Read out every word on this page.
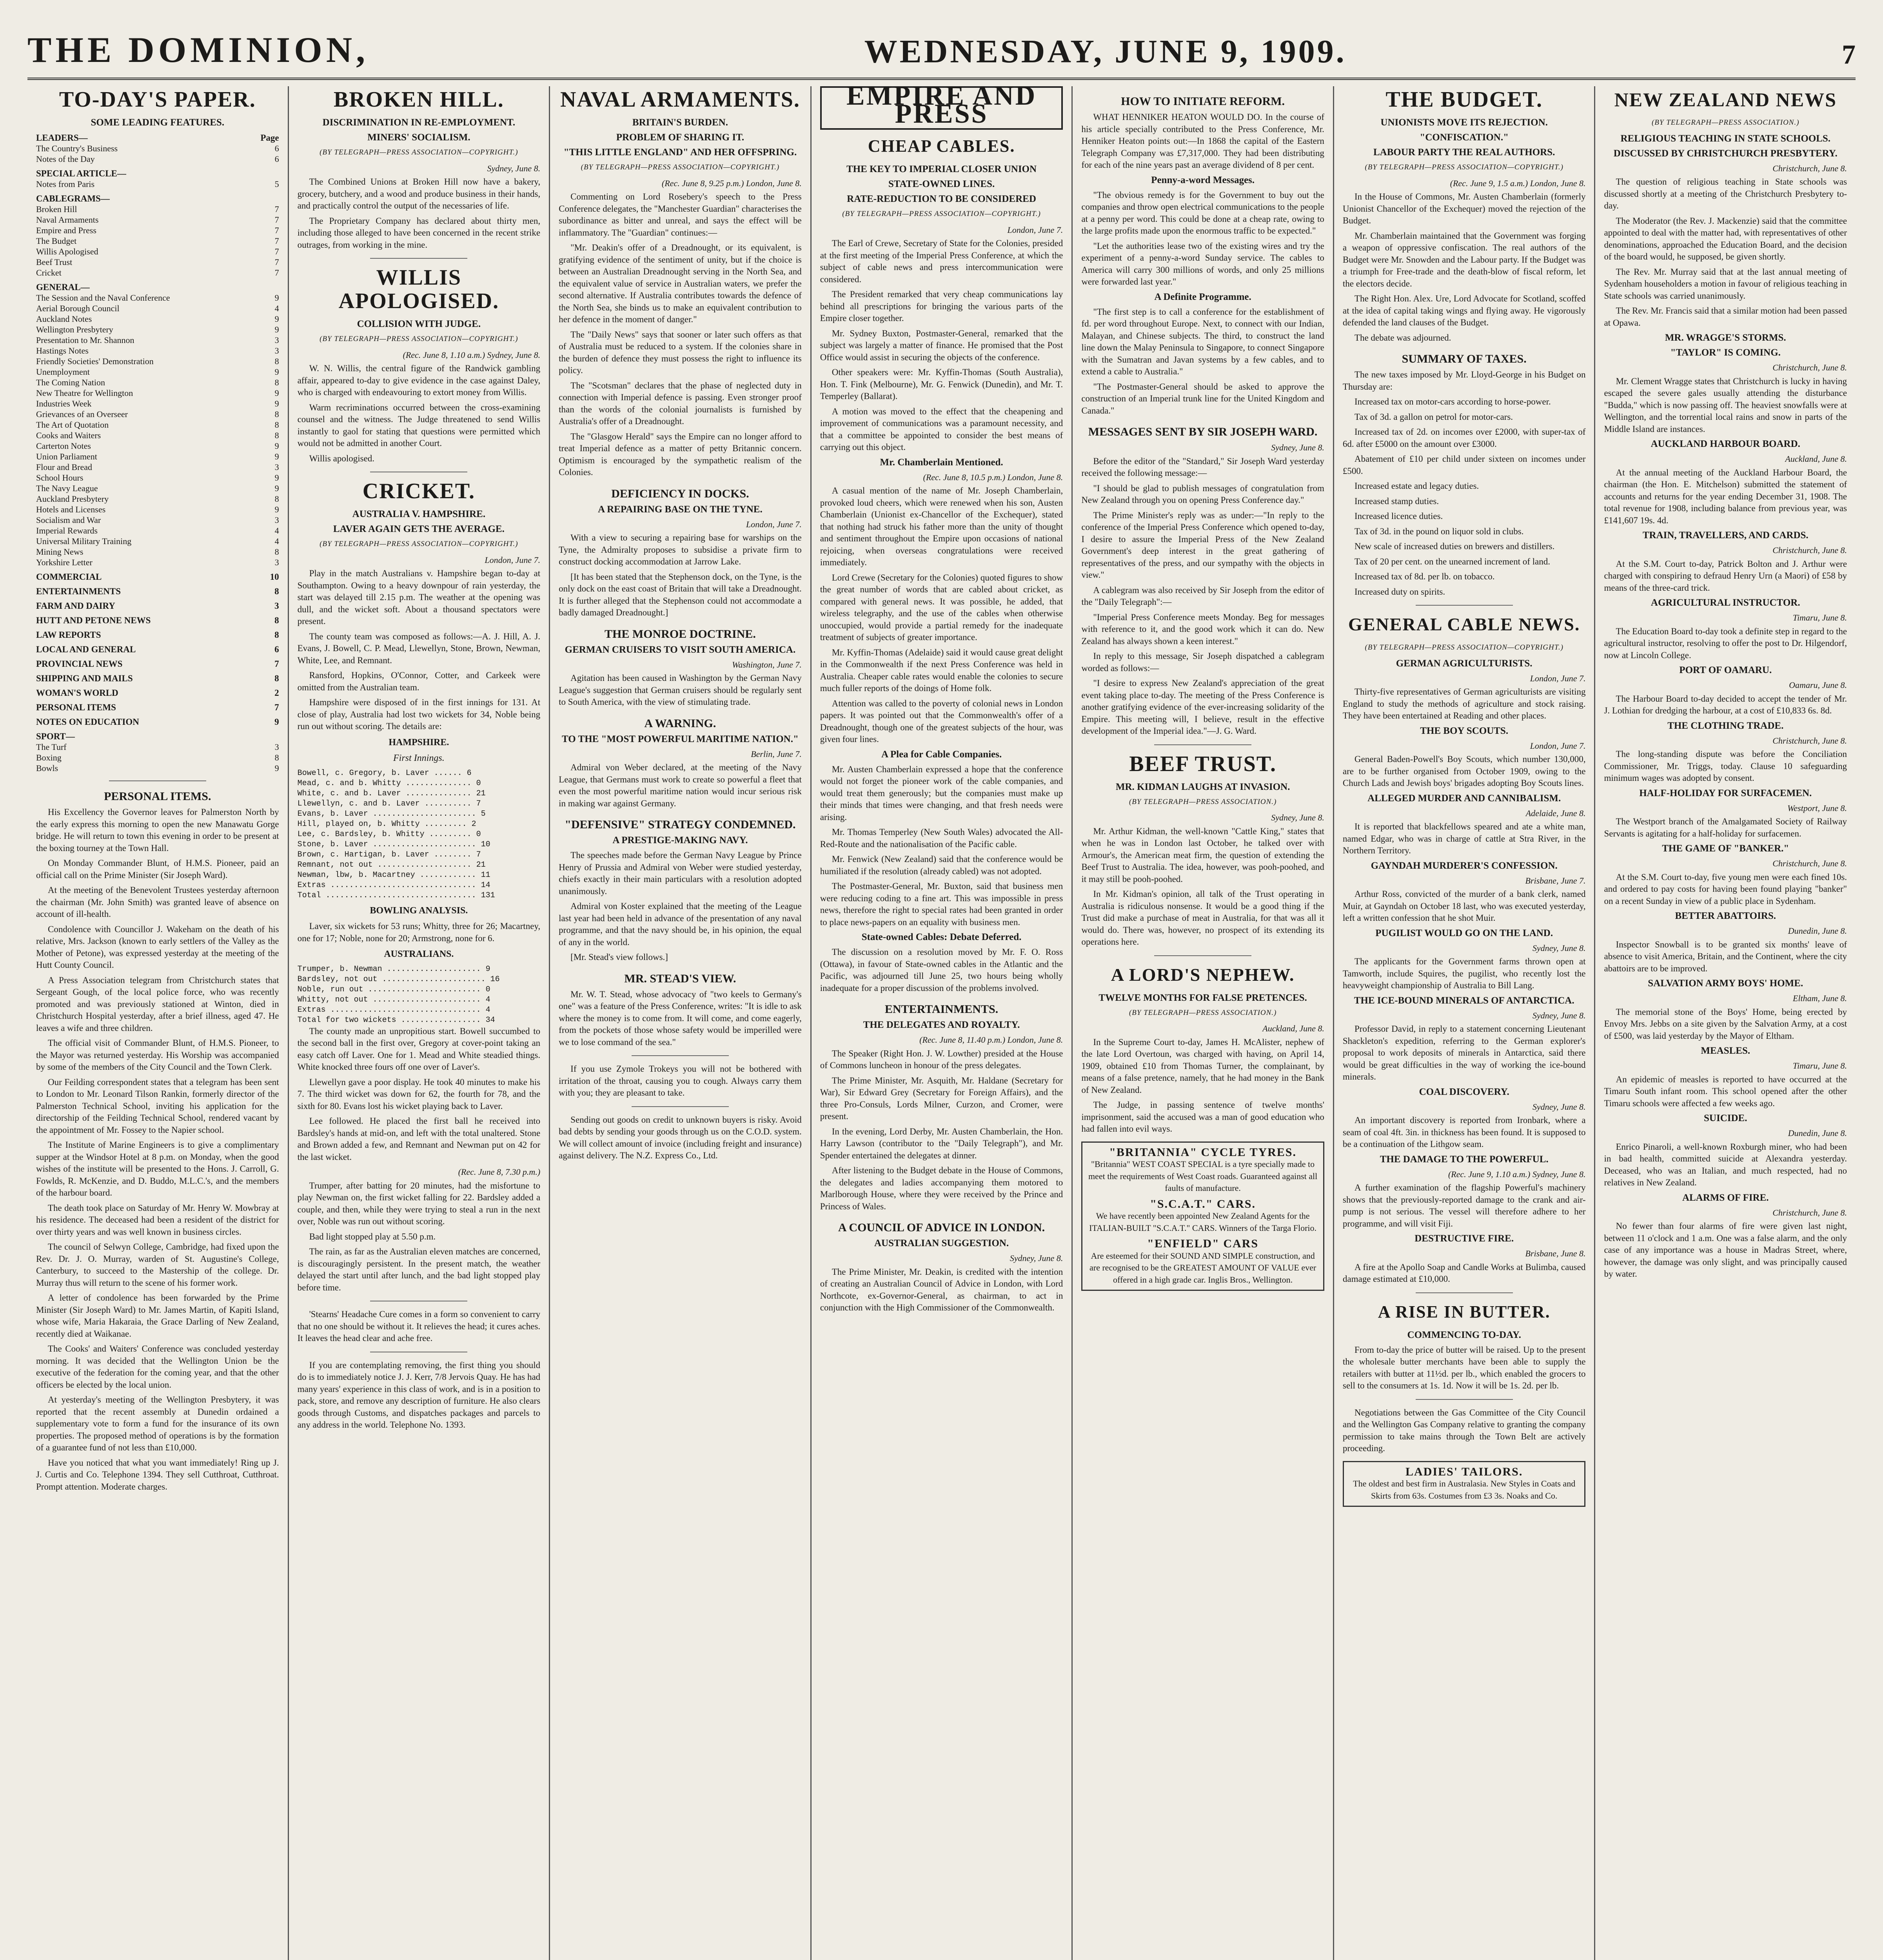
THE DOMINION,	WEDNESDAY, JUNE 9, 1909.	7
TO-DAY'S PAPER.
SOME LEADING FEATURES.
LEADERS—	Page
The Country's Business	6
Notes of the Day	6
SPECIAL ARTICLE—
Notes from Paris	5
CABLEGRAMS—
Broken Hill	7
Naval Armaments	7
Empire and Press	7
The Budget	7
Willis Apologised	7
Beef Trust	7
Cricket	7
GENERAL—
The Session and the Naval Conference	9
Aerial Borough Council	4
Auckland Notes	9
Wellington Presbytery	9
Presentation to Mr. Shannon	3
Hastings Notes	3
Friendly Societies' Demonstration	8
Unemployment	9
The Coming Nation	8
New Theatre for Wellington	9
Industries Week	9
Grievances of an Overseer	8
The Art of Quotation	8
Cooks and Waiters	8
Carterton Notes	9
Union Parliament	9
Flour and Bread	3
School Hours	9
The Navy League	9
Auckland Presbytery	8
Hotels and Licenses	9
Socialism and War	3
Imperial Rewards	4
Universal Military Training	4
Mining News	8
Yorkshire Letter	3
COMMERCIAL	10
ENTERTAINMENTS	8
FARM AND DAIRY	3
HUTT AND PETONE NEWS	8
LAW REPORTS	8
LOCAL AND GENERAL	6
PROVINCIAL NEWS	7
SHIPPING AND MAILS	8
WOMAN'S WORLD	2
PERSONAL ITEMS	7
NOTES ON EDUCATION	9
SPORT—
The Turf	3
Boxing	8
Bowls	9
PERSONAL ITEMS.

His Excellency the Governor leaves for Palmerston North by the early express this morning to open the new Manawatu Gorge bridge. He will return to town this evening in order to be present at the boxing tourney at the Town Hall.

On Monday Commander Blunt, of H.M.S. Pioneer, paid an official call on the Prime Minister (Sir Joseph Ward).

At the meeting of the Benevolent Trustees yesterday afternoon the chairman (Mr. John Smith) was granted leave of absence on account of ill-health.

Condolence with Councillor J. Wakeham on the death of his relative, Mrs. Jackson (known to early settlers of the Valley as the Mother of Petone), was expressed yesterday at the meeting of the Hutt County Council.

A Press Association telegram from Christchurch states that Sergeant Gough, of the local police force, who was recently promoted and was previously stationed at Winton, died in Christchurch Hospital yesterday, after a brief illness, aged 47. He leaves a wife and three children.

The official visit of Commander Blunt, of H.M.S. Pioneer, to the Mayor was returned yesterday. His Worship was accompanied by some of the members of the City Council and the Town Clerk.

Our Feilding correspondent states that a telegram has been sent to London to Mr. Leonard Tilson Rankin, formerly director of the Palmerston Technical School, inviting his application for the directorship of the Feilding Technical School, rendered vacant by the appointment of Mr. Fossey to the Napier school.

The Institute of Marine Engineers is to give a complimentary supper at the Windsor Hotel at 8 p.m. on Monday, when the good wishes of the institute will be presented to the Hons. J. Carroll, G. Fowlds, R. McKenzie, and D. Buddo, M.L.C.'s, and the members of the harbour board.

The death took place on Saturday of Mr. Henry W. Mowbray at his residence. The deceased had been a resident of the district for over thirty years and was well known in business circles.

The council of Selwyn College, Cambridge, had fixed upon the Rev. Dr. J. O. Murray, warden of St. Augustine's College, Canterbury, to succeed to the Mastership of the college. Dr. Murray thus will return to the scene of his former work.

A letter of condolence has been forwarded by the Prime Minister (Sir Joseph Ward) to Mr. James Martin, of Kapiti Island, whose wife, Maria Hakaraia, the Grace Darling of New Zealand, recently died at Waikanae.

The Cooks' and Waiters' Conference was concluded yesterday morning. It was decided that the Wellington Union be the executive of the federation for the coming year, and that the other officers be elected by the local union.

At yesterday's meeting of the Wellington Presbytery, it was reported that the recent assembly at Dunedin ordained a supplementary vote to form a fund for the insurance of its own properties. The proposed method of operations is by the formation of a guarantee fund of not less than £10,000.

Have you noticed that what you want immediately! Ring up J. J. Curtis and Co. Telephone 1394. They sell Cutthroat, Cutthroat. Prompt attention. Moderate charges.

BROKEN HILL.
DISCRIMINATION IN RE-EMPLOYMENT.
MINERS' SOCIALISM.
(BY TELEGRAPH—PRESS ASSOCIATION—COPYRIGHT.)
Sydney, June 8.

The Combined Unions at Broken Hill now have a bakery, grocery, butchery, and a wood and produce business in their hands, and practically control the output of the necessaries of life.

The Proprietary Company has declared about thirty men, including those alleged to have been concerned in the recent strike outrages, from working in the mine.

WILLIS APOLOGISED.
COLLISION WITH JUDGE.
(BY TELEGRAPH—PRESS ASSOCIATION—COPYRIGHT.)
(Rec. June 8, 1.10 a.m.) Sydney, June 8.

W. N. Willis, the central figure of the Randwick gambling affair, appeared to-day to give evidence in the case against Daley, who is charged with endeavouring to extort money from Willis.

Warm recriminations occurred between the cross-examining counsel and the witness. The Judge threatened to send Willis instantly to gaol for stating that questions were permitted which would not be admitted in another Court.

Willis apologised.

CRICKET.
AUSTRALIA V. HAMPSHIRE.
LAVER AGAIN GETS THE AVERAGE.
(BY TELEGRAPH—PRESS ASSOCIATION—COPYRIGHT.)
London, June 7.

Play in the match Australians v. Hampshire began to-day at Southampton. Owing to a heavy downpour of rain yesterday, the start was delayed till 2.15 p.m. The weather at the opening was dull, and the wicket soft. About a thousand spectators were present.

The county team was composed as follows:—A. J. Hill, A. J. Evans, J. Bowell, C. P. Mead, Llewellyn, Stone, Brown, Newman, White, Lee, and Remnant.

Ransford, Hopkins, O'Connor, Cotter, and Carkeek were omitted from the Australian team.

Hampshire were disposed of in the first innings for 131. At close of play, Australia had lost two wickets for 34, Noble being run out without scoring. The details are:

HAMPSHIRE.
First Innings.
Bowell, c. Gregory, b. Laver ...... 6
Mead, c. and b. Whitty .............. 0
White, c. and b. Laver .............. 21
Llewellyn, c. and b. Laver .......... 7
Evans, b. Laver ...................... 5
Hill, played on, b. Whitty ......... 2
Lee, c. Bardsley, b. Whitty ......... 0
Stone, b. Laver ...................... 10
Brown, c. Hartigan, b. Laver ........ 7
Remnant, not out .................... 21
Newman, lbw, b. Macartney ............ 11
Extras ............................... 14
Total ................................ 131
BOWLING ANALYSIS.

Laver, six wickets for 53 runs; Whitty, three for 26; Macartney, one for 17; Noble, none for 20; Armstrong, none for 6.

AUSTRALIANS.
Trumper, b. Newman .................... 9
Bardsley, not out ...................... 16
Noble, run out ........................ 0
Whitty, not out ....................... 4
Extras ................................ 4
Total for two wickets ................. 34

The county made an unpropitious start. Bowell succumbed to the second ball in the first over, Gregory at cover-point taking an easy catch off Laver. One for 1. Mead and White steadied things. White knocked three fours off one over of Laver's.

Llewellyn gave a poor display. He took 40 minutes to make his 7. The third wicket was down for 62, the fourth for 78, and the sixth for 80. Evans lost his wicket playing back to Laver.

Lee followed. He placed the first ball he received into Bardsley's hands at mid-on, and left with the total unaltered. Stone and Brown added a few, and Remnant and Newman put on 42 for the last wicket.

(Rec. June 8, 7.30 p.m.)

Trumper, after batting for 20 minutes, had the misfortune to play Newman on, the first wicket falling for 22. Bardsley added a couple, and then, while they were trying to steal a run in the next over, Noble was run out without scoring.

Bad light stopped play at 5.50 p.m.

The rain, as far as the Australian eleven matches are concerned, is discouragingly persistent. In the present match, the weather delayed the start until after lunch, and the bad light stopped play before time.

'Stearns' Headache Cure comes in a form so convenient to carry that no one should be without it. It relieves the head; it cures aches. It leaves the head clear and ache free.

If you are contemplating removing, the first thing you should do is to immediately notice J. J. Kerr, 7/8 Jervois Quay. He has had many years' experience in this class of work, and is in a position to pack, store, and remove any description of furniture. He also clears goods through Customs, and dispatches packages and parcels to any address in the world. Telephone No. 1393.

NAVAL ARMAMENTS.
BRITAIN'S BURDEN.
PROBLEM OF SHARING IT.
"THIS LITTLE ENGLAND" AND HER OFFSPRING.
(BY TELEGRAPH—PRESS ASSOCIATION—COPYRIGHT.)
(Rec. June 8, 9.25 p.m.) London, June 8.

Commenting on Lord Rosebery's speech to the Press Conference delegates, the "Manchester Guardian" characterises the subordinance as bitter and unreal, and says the effect will be inflammatory. The "Guardian" continues:—

"Mr. Deakin's offer of a Dreadnought, or its equivalent, is gratifying evidence of the sentiment of unity, but if the choice is between an Australian Dreadnought serving in the North Sea, and the equivalent value of service in Australian waters, we prefer the second alternative. If Australia contributes towards the defence of the North Sea, she binds us to make an equivalent contribution to her defence in the moment of danger."

The "Daily News" says that sooner or later such offers as that of Australia must be reduced to a system. If the colonies share in the burden of defence they must possess the right to influence its policy.

The "Scotsman" declares that the phase of neglected duty in connection with Imperial defence is passing. Even stronger proof than the words of the colonial journalists is furnished by Australia's offer of a Dreadnought.

The "Glasgow Herald" says the Empire can no longer afford to treat Imperial defence as a matter of petty Britannic concern. Optimism is encouraged by the sympathetic realism of the Colonies.

DEFICIENCY IN DOCKS.
A REPAIRING BASE ON THE TYNE.
London, June 7.

With a view to securing a repairing base for warships on the Tyne, the Admiralty proposes to subsidise a private firm to construct docking accommodation at Jarrow Lake.

[It has been stated that the Stephenson dock, on the Tyne, is the only dock on the east coast of Britain that will take a Dreadnought. It is further alleged that the Stephenson could not accommodate a badly damaged Dreadnought.]

THE MONROE DOCTRINE.
GERMAN CRUISERS TO VISIT SOUTH AMERICA.
Washington, June 7.

Agitation has been caused in Washington by the German Navy League's suggestion that German cruisers should be regularly sent to South America, with the view of stimulating trade.

A WARNING.
TO THE "MOST POWERFUL MARITIME NATION."
Berlin, June 7.

Admiral von Weber declared, at the meeting of the Navy League, that Germans must work to create so powerful a fleet that even the most powerful maritime nation would incur serious risk in making war against Germany.

"DEFENSIVE" STRATEGY CONDEMNED.
A PRESTIGE-MAKING NAVY.

The speeches made before the German Navy League by Prince Henry of Prussia and Admiral von Weber were studied yesterday, chiefs exactly in their main particulars with a resolution adopted unanimously.

Admiral von Koster explained that the meeting of the League last year had been held in advance of the presentation of any naval programme, and that the navy should be, in his opinion, the equal of any in the world.

[Mr. Stead's view follows.]

MR. STEAD'S VIEW.

Mr. W. T. Stead, whose advocacy of "two keels to Germany's one" was a feature of the Press Conference, writes: "It is idle to ask where the money is to come from. It will come, and come eagerly, from the pockets of those whose safety would be imperilled were we to lose command of the sea."

If you use Zymole Trokeys you will not be bothered with irritation of the throat, causing you to cough. Always carry them with you; they are pleasant to take.

Sending out goods on credit to unknown buyers is risky. Avoid bad debts by sending your goods through us on the C.O.D. system. We will collect amount of invoice (including freight and insurance) against delivery. The N.Z. Express Co., Ltd.

EMPIRE AND PRESS
CHEAP CABLES.
THE KEY TO IMPERIAL CLOSER UNION
STATE-OWNED LINES.
RATE-REDUCTION TO BE CONSIDERED
(BY TELEGRAPH—PRESS ASSOCIATION—COPYRIGHT.)
London, June 7.

The Earl of Crewe, Secretary of State for the Colonies, presided at the first meeting of the Imperial Press Conference, at which the subject of cable news and press intercommunication were considered.

The President remarked that very cheap communications lay behind all prescriptions for bringing the various parts of the Empire closer together.

Mr. Sydney Buxton, Postmaster-General, remarked that the subject was largely a matter of finance. He promised that the Post Office would assist in securing the objects of the conference.

Other speakers were: Mr. Kyffin-Thomas (South Australia), Hon. T. Fink (Melbourne), Mr. G. Fenwick (Dunedin), and Mr. T. Temperley (Ballarat).

A motion was moved to the effect that the cheapening and improvement of communications was a paramount necessity, and that a committee be appointed to consider the best means of carrying out this object.

Mr. Chamberlain Mentioned.
(Rec. June 8, 10.5 p.m.) London, June 8.

A casual mention of the name of Mr. Joseph Chamberlain, provoked loud cheers, which were renewed when his son, Austen Chamberlain (Unionist ex-Chancellor of the Exchequer), stated that nothing had struck his father more than the unity of thought and sentiment throughout the Empire upon occasions of national rejoicing, when overseas congratulations were received immediately.

Lord Crewe (Secretary for the Colonies) quoted figures to show the great number of words that are cabled about cricket, as compared with general news. It was possible, he added, that wireless telegraphy, and the use of the cables when otherwise unoccupied, would provide a partial remedy for the inadequate treatment of subjects of greater importance.

Mr. Kyffin-Thomas (Adelaide) said it would cause great delight in the Commonwealth if the next Press Conference was held in Australia. Cheaper cable rates would enable the colonies to secure much fuller reports of the doings of Home folk.

Attention was called to the poverty of colonial news in London papers. It was pointed out that the Commonwealth's offer of a Dreadnought, though one of the greatest subjects of the hour, was given four lines.

A Plea for Cable Companies.

Mr. Austen Chamberlain expressed a hope that the conference would not forget the pioneer work of the cable companies, and would treat them generously; but the companies must make up their minds that times were changing, and that fresh needs were arising.

Mr. Thomas Temperley (New South Wales) advocated the All-Red-Route and the nationalisation of the Pacific cable.

Mr. Fenwick (New Zealand) said that the conference would be humiliated if the resolution (already cabled) was not adopted.

The Postmaster-General, Mr. Buxton, said that business men were reducing coding to a fine art. This was impossible in press news, therefore the right to special rates had been granted in order to place news-papers on an equality with business men.

State-owned Cables: Debate Deferred.

The discussion on a resolution moved by Mr. F. O. Ross (Ottawa), in favour of State-owned cables in the Atlantic and the Pacific, was adjourned till June 25, two hours being wholly inadequate for a proper discussion of the problems involved.

ENTERTAINMENTS.
THE DELEGATES AND ROYALTY.
(Rec. June 8, 11.40 p.m.) London, June 8.

The Speaker (Right Hon. J. W. Lowther) presided at the House of Commons luncheon in honour of the press delegates.

The Prime Minister, Mr. Asquith, Mr. Haldane (Secretary for War), Sir Edward Grey (Secretary for Foreign Affairs), and the three Pro-Consuls, Lords Milner, Curzon, and Cromer, were present.

In the evening, Lord Derby, Mr. Austen Chamberlain, the Hon. Harry Lawson (contributor to the "Daily Telegraph"), and Mr. Spender entertained the delegates at dinner.

After listening to the Budget debate in the House of Commons, the delegates and ladies accompanying them motored to Marlborough House, where they were received by the Prince and Princess of Wales.

A COUNCIL OF ADVICE IN LONDON.
AUSTRALIAN SUGGESTION.
Sydney, June 8.

The Prime Minister, Mr. Deakin, is credited with the intention of creating an Australian Council of Advice in London, with Lord Northcote, ex-Governor-General, as chairman, to act in conjunction with the High Commissioner of the Commonwealth.

HOW TO INITIATE REFORM.

WHAT HENNIKER HEATON WOULD DO. In the course of his article specially contributed to the Press Conference, Mr. Henniker Heaton points out:—In 1868 the capital of the Eastern Telegraph Company was £7,317,000. They had been distributing for each of the nine years past an average dividend of 8 per cent.

Penny-a-word Messages.

"The obvious remedy is for the Government to buy out the companies and throw open electrical communications to the people at a penny per word. This could be done at a cheap rate, owing to the large profits made upon the enormous traffic to be expected."

"Let the authorities lease two of the existing wires and try the experiment of a penny-a-word Sunday service. The cables to America will carry 300 millions of words, and only 25 millions were forwarded last year."

A Definite Programme.

"The first step is to call a conference for the establishment of fd. per word throughout Europe. Next, to connect with our Indian, Malayan, and Chinese subjects. The third, to construct the land line down the Malay Peninsula to Singapore, to connect Singapore with the Sumatran and Javan systems by a few cables, and to extend a cable to Australia."

"The Postmaster-General should be asked to approve the construction of an Imperial trunk line for the United Kingdom and Canada."

MESSAGES SENT BY SIR JOSEPH WARD.
Sydney, June 8.

Before the editor of the "Standard," Sir Joseph Ward yesterday received the following message:—

"I should be glad to publish messages of congratulation from New Zealand through you on opening Press Conference day."

The Prime Minister's reply was as under:—"In reply to the conference of the Imperial Press Conference which opened to-day, I desire to assure the Imperial Press of the New Zealand Government's deep interest in the great gathering of representatives of the press, and our sympathy with the objects in view."

A cablegram was also received by Sir Joseph from the editor of the "Daily Telegraph":—

"Imperial Press Conference meets Monday. Beg for messages with reference to it, and the good work which it can do. New Zealand has always shown a keen interest."

In reply to this message, Sir Joseph dispatched a cablegram worded as follows:—

"I desire to express New Zealand's appreciation of the great event taking place to-day. The meeting of the Press Conference is another gratifying evidence of the ever-increasing solidarity of the Empire. This meeting will, I believe, result in the effective development of the Imperial idea."—J. G. Ward.

BEEF TRUST.
MR. KIDMAN LAUGHS AT INVASION.
(BY TELEGRAPH—PRESS ASSOCIATION.)
Sydney, June 8.

Mr. Arthur Kidman, the well-known "Cattle King," states that when he was in London last October, he talked over with Armour's, the American meat firm, the question of extending the Beef Trust to Australia. The idea, however, was pooh-poohed, and it may still be pooh-poohed.

In Mr. Kidman's opinion, all talk of the Trust operating in Australia is ridiculous nonsense. It would be a good thing if the Trust did make a purchase of meat in Australia, for that was all it would do. There was, however, no prospect of its extending its operations here.

A LORD'S NEPHEW.
TWELVE MONTHS FOR FALSE PRETENCES.
(BY TELEGRAPH—PRESS ASSOCIATION.)
Auckland, June 8.

In the Supreme Court to-day, James H. McAlister, nephew of the late Lord Overtoun, was charged with having, on April 14, 1909, obtained £10 from Thomas Turner, the complainant, by means of a false pretence, namely, that he had money in the Bank of New Zealand.

The Judge, in passing sentence of twelve months' imprisonment, said the accused was a man of good education who had fallen into evil ways.

"BRITANNIA" CYCLE TYRES.
"Britannia" WEST COAST SPECIAL is a tyre specially made to meet the requirements of West Coast roads. Guaranteed against all faults of manufacture.
"S.C.A.T." CARS.
We have recently been appointed New Zealand Agents for the ITALIAN-BUILT "S.C.A.T." CARS. Winners of the Targa Florio.
"ENFIELD" CARS
Are esteemed for their SOUND AND SIMPLE construction, and are recognised to be the GREATEST AMOUNT OF VALUE ever offered in a high grade car. Inglis Bros., Wellington.
THE BUDGET.
UNIONISTS MOVE ITS REJECTION.
"CONFISCATION."
LABOUR PARTY THE REAL AUTHORS.
(BY TELEGRAPH—PRESS ASSOCIATION—COPYRIGHT.)
(Rec. June 9, 1.5 a.m.) London, June 8.

In the House of Commons, Mr. Austen Chamberlain (formerly Unionist Chancellor of the Exchequer) moved the rejection of the Budget.

Mr. Chamberlain maintained that the Government was forging a weapon of oppressive confiscation. The real authors of the Budget were Mr. Snowden and the Labour party. If the Budget was a triumph for Free-trade and the death-blow of fiscal reform, let the electors decide.

The Right Hon. Alex. Ure, Lord Advocate for Scotland, scoffed at the idea of capital taking wings and flying away. He vigorously defended the land clauses of the Budget.

The debate was adjourned.

SUMMARY OF TAXES.

The new taxes imposed by Mr. Lloyd-George in his Budget on Thursday are:

Increased tax on motor-cars according to horse-power.

Tax of 3d. a gallon on petrol for motor-cars.

Increased tax of 2d. on incomes over £2000, with super-tax of 6d. after £5000 on the amount over £3000.

Abatement of £10 per child under sixteen on incomes under £500.

Increased estate and legacy duties.

Increased stamp duties.

Increased licence duties.

Tax of 3d. in the pound on liquor sold in clubs.

New scale of increased duties on brewers and distillers.

Tax of 20 per cent. on the unearned increment of land.

Increased tax of 8d. per lb. on tobacco.

Increased duty on spirits.

GENERAL CABLE NEWS.
(BY TELEGRAPH—PRESS ASSOCIATION—COPYRIGHT.)
GERMAN AGRICULTURISTS.
London, June 7.

Thirty-five representatives of German agriculturists are visiting England to study the methods of agriculture and stock raising. They have been entertained at Reading and other places.

THE BOY SCOUTS.
London, June 7.

General Baden-Powell's Boy Scouts, which number 130,000, are to be further organised from October 1909, owing to the Church Lads and Jewish boys' brigades adopting Boy Scouts lines.

ALLEGED MURDER AND CANNIBALISM.
Adelaide, June 8.

It is reported that blackfellows speared and ate a white man, named Edgar, who was in charge of cattle at Stra River, in the Northern Territory.

GAYNDAH MURDERER'S CONFESSION.
Brisbane, June 7.

Arthur Ross, convicted of the murder of a bank clerk, named Muir, at Gayndah on October 18 last, who was executed yesterday, left a written confession that he shot Muir.

PUGILIST WOULD GO ON THE LAND.
Sydney, June 8.

The applicants for the Government farms thrown open at Tamworth, include Squires, the pugilist, who recently lost the heavyweight championship of Australia to Bill Lang.

THE ICE-BOUND MINERALS OF ANTARCTICA.
Sydney, June 8.

Professor David, in reply to a statement concerning Lieutenant Shackleton's expedition, referring to the German explorer's proposal to work deposits of minerals in Antarctica, said there would be great difficulties in the way of working the ice-bound minerals.

COAL DISCOVERY.
Sydney, June 8.

An important discovery is reported from Ironbark, where a seam of coal 4ft. 3in. in thickness has been found. It is supposed to be a continuation of the Lithgow seam.

THE DAMAGE TO THE POWERFUL.
(Rec. June 9, 1.10 a.m.) Sydney, June 8.

A further examination of the flagship Powerful's machinery shows that the previously-reported damage to the crank and air-pump is not serious. The vessel will therefore adhere to her programme, and will visit Fiji.

DESTRUCTIVE FIRE.
Brisbane, June 8.

A fire at the Apollo Soap and Candle Works at Bulimba, caused damage estimated at £10,000.

A RISE IN BUTTER.
COMMENCING TO-DAY.

From to-day the price of butter will be raised. Up to the present the wholesale butter merchants have been able to supply the retailers with butter at 11½d. per lb., which enabled the grocers to sell to the consumers at 1s. 1d. Now it will be 1s. 2d. per lb.

Negotiations between the Gas Committee of the City Council and the Wellington Gas Company relative to granting the company permission to take mains through the Town Belt are actively proceeding.

LADIES' TAILORS.
The oldest and best firm in Australasia. New Styles in Coats and Skirts from 63s. Costumes from £3 3s. Noaks and Co.
NEW ZEALAND NEWS
(BY TELEGRAPH—PRESS ASSOCIATION.)
RELIGIOUS TEACHING IN STATE SCHOOLS.
DISCUSSED BY CHRISTCHURCH PRESBYTERY.
Christchurch, June 8.

The question of religious teaching in State schools was discussed shortly at a meeting of the Christchurch Presbytery to-day.

The Moderator (the Rev. J. Mackenzie) said that the committee appointed to deal with the matter had, with representatives of other denominations, approached the Education Board, and the decision of the board would, he supposed, be given shortly.

The Rev. Mr. Murray said that at the last annual meeting of Sydenham householders a motion in favour of religious teaching in State schools was carried unanimously.

The Rev. Mr. Francis said that a similar motion had been passed at Opawa.

MR. WRAGGE'S STORMS.
"TAYLOR" IS COMING.
Christchurch, June 8.

Mr. Clement Wragge states that Christchurch is lucky in having escaped the severe gales usually attending the disturbance "Budda," which is now passing off. The heaviest snowfalls were at Wellington, and the torrential local rains and snow in parts of the Middle Island are instances.

AUCKLAND HARBOUR BOARD.
Auckland, June 8.

At the annual meeting of the Auckland Harbour Board, the chairman (the Hon. E. Mitchelson) submitted the statement of accounts and returns for the year ending December 31, 1908. The total revenue for 1908, including balance from previous year, was £141,607 19s. 4d.

TRAIN, TRAVELLERS, AND CARDS.
Christchurch, June 8.

At the S.M. Court to-day, Patrick Bolton and J. Arthur were charged with conspiring to defraud Henry Urn (a Maori) of £58 by means of the three-card trick.

AGRICULTURAL INSTRUCTOR.
Timaru, June 8.

The Education Board to-day took a definite step in regard to the agricultural instructor, resolving to offer the post to Dr. Hilgendorf, now at Lincoln College.

PORT OF OAMARU.
Oamaru, June 8.

The Harbour Board to-day decided to accept the tender of Mr. J. Lothian for dredging the harbour, at a cost of £10,833 6s. 8d.

THE CLOTHING TRADE.
Christchurch, June 8.

The long-standing dispute was before the Conciliation Commissioner, Mr. Triggs, today. Clause 10 safeguarding minimum wages was adopted by consent.

HALF-HOLIDAY FOR SURFACEMEN.
Westport, June 8.

The Westport branch of the Amalgamated Society of Railway Servants is agitating for a half-holiday for surfacemen.

THE GAME OF "BANKER."
Christchurch, June 8.

At the S.M. Court to-day, five young men were each fined 10s. and ordered to pay costs for having been found playing "banker" on a recent Sunday in view of a public place in Sydenham.

BETTER ABATTOIRS.
Dunedin, June 8.

Inspector Snowball is to be granted six months' leave of absence to visit America, Britain, and the Continent, where the city abattoirs are to be improved.

SALVATION ARMY BOYS' HOME.
Eltham, June 8.

The memorial stone of the Boys' Home, being erected by Envoy Mrs. Jebbs on a site given by the Salvation Army, at a cost of £500, was laid yesterday by the Mayor of Eltham.

MEASLES.
Timaru, June 8.

An epidemic of measles is reported to have occurred at the Timaru South infant room. This school opened after the other Timaru schools were affected a few weeks ago.

SUICIDE.
Dunedin, June 8.

Enrico Pinaroli, a well-known Roxburgh miner, who had been in bad health, committed suicide at Alexandra yesterday. Deceased, who was an Italian, and much respected, had no relatives in New Zealand.

ALARMS OF FIRE.
Christchurch, June 8.

No fewer than four alarms of fire were given last night, between 11 o'clock and 1 a.m. One was a false alarm, and the only case of any importance was a house in Madras Street, where, however, the damage was only slight, and was principally caused by water.
